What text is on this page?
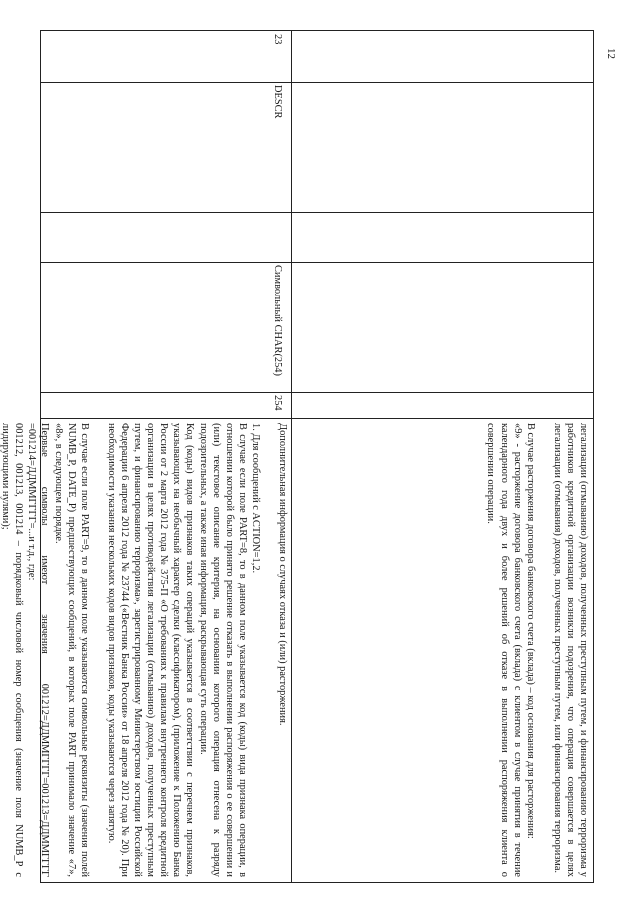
12

легализации (отмыванию) доходов, полученных преступным путем, и финансированию терроризма у работников кредитной организации возникли подозрения, что операция совершается в целях легализации (отмывания) доходов, полученных преступным путем, или финансирования терроризма.

В случае расторжения договора банковского счета (вклада) – код основания для расторжения:

«9» - расторжение договора банковского счета (вклада) с клиентом в случае принятия в течение календарного года двух и более решений об отказе в выполнении распоряжения клиента о совершении операции.

23
DESCR
Символьный CHAR(254)
254

Дополнительная информация о случаях отказа и (или) расторжения.

1. Для сообщений с ACTION=1,2.

В случае если поле PART=8, то в данном поле указывается код (коды) вида признака операции, в отношении которой было принято решение отказать в выполнении распоряжения о ее совершении и (или) текстовое описание критерия, на основании которого операция отнесена к разряду подозрительных, а также иная информация, раскрывающая суть операции.

Код (коды) видов признаков таких операций указывается в соответствии с перечнем признаков, указывающих на необычный характер сделки (классификатором), (приложение к Положению Банка России от 2 марта 2012 года № 375-П «О требованиях к правилам внутреннего контроля кредитной организации в целях противодействия легализации (отмыванию) доходов, полученных преступным путем, и финансированию терроризма», зарегистрированному Министерством юстиции Российской Федерации 6 апреля 2012 года № 23744 («Вестник Банка России» от 18 апреля 2012 года № 20). При необходимости указания нескольких кодов видов признаков, коды указываются через запятую.

В случае если поле PART=9, то в данном поле указываются символьные реквизиты (значения полей NUMB_P, DATE_P) предшествующих сообщений, в которых поле PART принимало значение «7», «8», в следующем порядке.

Первые символы имеют значения 001212=ДДММГГГГ=001213=ДДММГГГГ =001214=ДДММГГГГ=...и т.д., где:

001212, 001213, 001214 – порядковый числовой номер сообщения (значение поля NUMB_P с лидирующими нулями);
